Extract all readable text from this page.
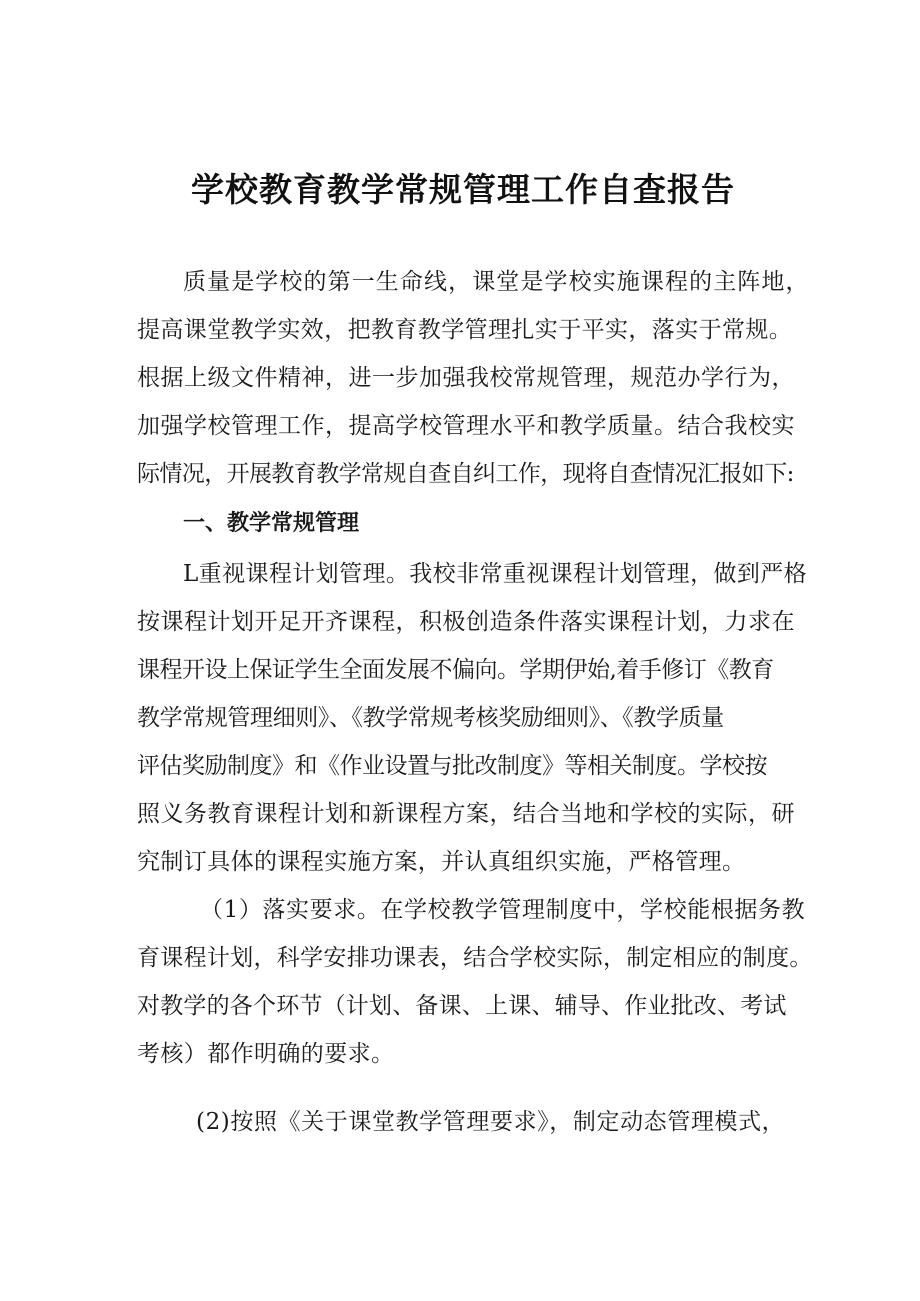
学校教育教学常规管理工作自查报告

质量是学校的第一生命线，课堂是学校实施课程的主阵地，

提高课堂教学实效，把教育教学管理扎实于平实，落实于常规。

根据上级文件精神，进一步加强我校常规管理，规范办学行为，

加强学校管理工作，提高学校管理水平和教学质量。结合我校实

际情况，开展教育教学常规自查自纠工作，现将自查情况汇报如下:

一、教学常规管理

L重视课程计划管理。我校非常重视课程计划管理，做到严格

按课程计划开足开齐课程，积极创造条件落实课程计划，力求在

课程开设上保证学生全面发展不偏向。学期伊始,着手修订《教育

教学常规管理细则》、《教学常规考核奖励细则》、《教学质量

评估奖励制度》和《作业设置与批改制度》等相关制度。学校按

照义务教育课程计划和新课程方案，结合当地和学校的实际，研

究制订具体的课程实施方案，并认真组织实施，严格管理。

（1）落实要求。在学校教学管理制度中，学校能根据务教

育课程计划，科学安排功课表，结合学校实际，制定相应的制度。

对教学的各个环节（计划、备课、上课、辅导、作业批改、考试

考核）都作明确的要求。

(2)按照《关于课堂教学管理要求》，制定动态管理模式，
